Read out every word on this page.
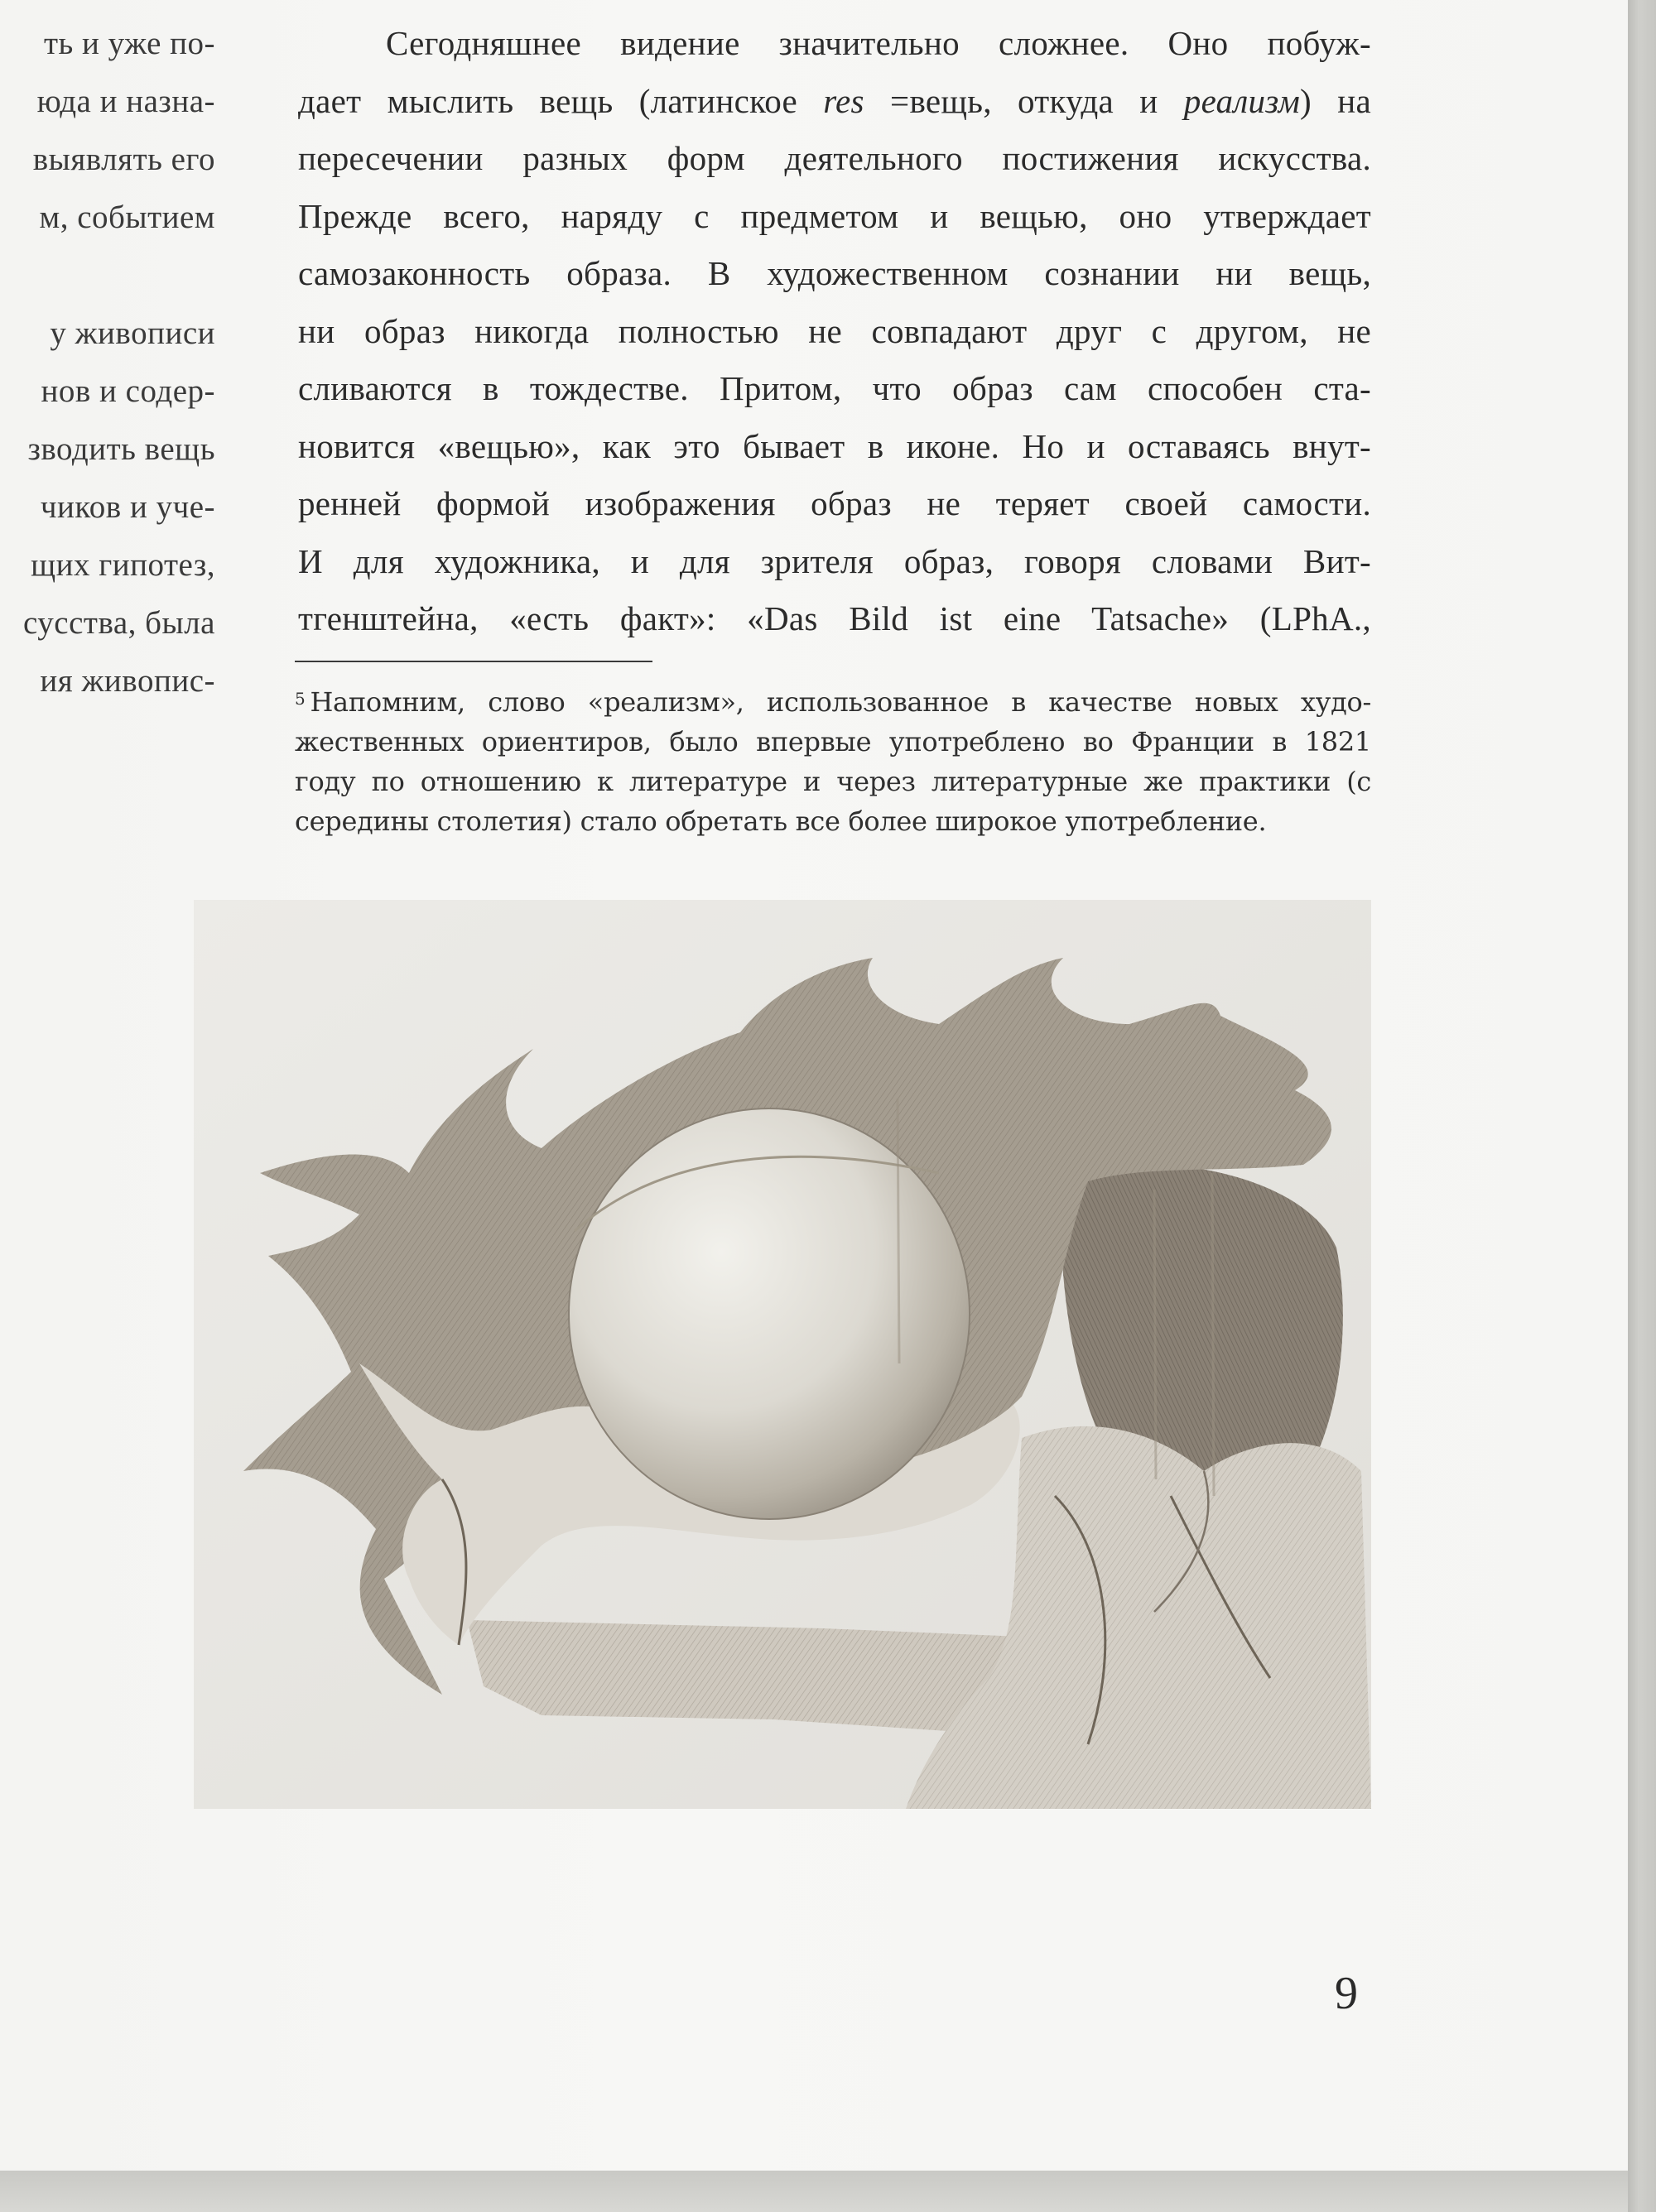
ть и уже по-
юда и назна-
выявлять его
м, событием
у живописи
нов и содер-
зводить вещь
чиков и уче-
щих гипотез,
сусства, была
ия живопис-
Сегодняшнее видение значительно сложнее. Оно побуж-
дает мыслить вещь (латинское res =вещь, откуда и реализм) на
пересечении разных форм деятельного постижения искусства.
Прежде всего, наряду с предметом и вещью, оно утверждает
самозаконность образа. В художественном сознании ни вещь,
ни образ никогда полностью не совпадают друг с другом, не
сливаются в тождестве. Притом, что образ сам способен ста-
новится «вещью», как это бывает в иконе. Но и оставаясь внут-
ренней формой изображения образ не теряет своей самости.
И для художника, и для зрителя образ, говоря словами Вит-
тгенштейна, «есть факт»: «Das Bild ist eine Tatsache» (LPhA.,
$^5$ Напомним, слово «реализм», использованное в качестве новых худо-
жественных ориентиров, было впервые употреблено во Франции в 1821
году по отношению к литературе и через литературные же практики (с
середины столетия) стало обретать все более широкое употребление.
9
